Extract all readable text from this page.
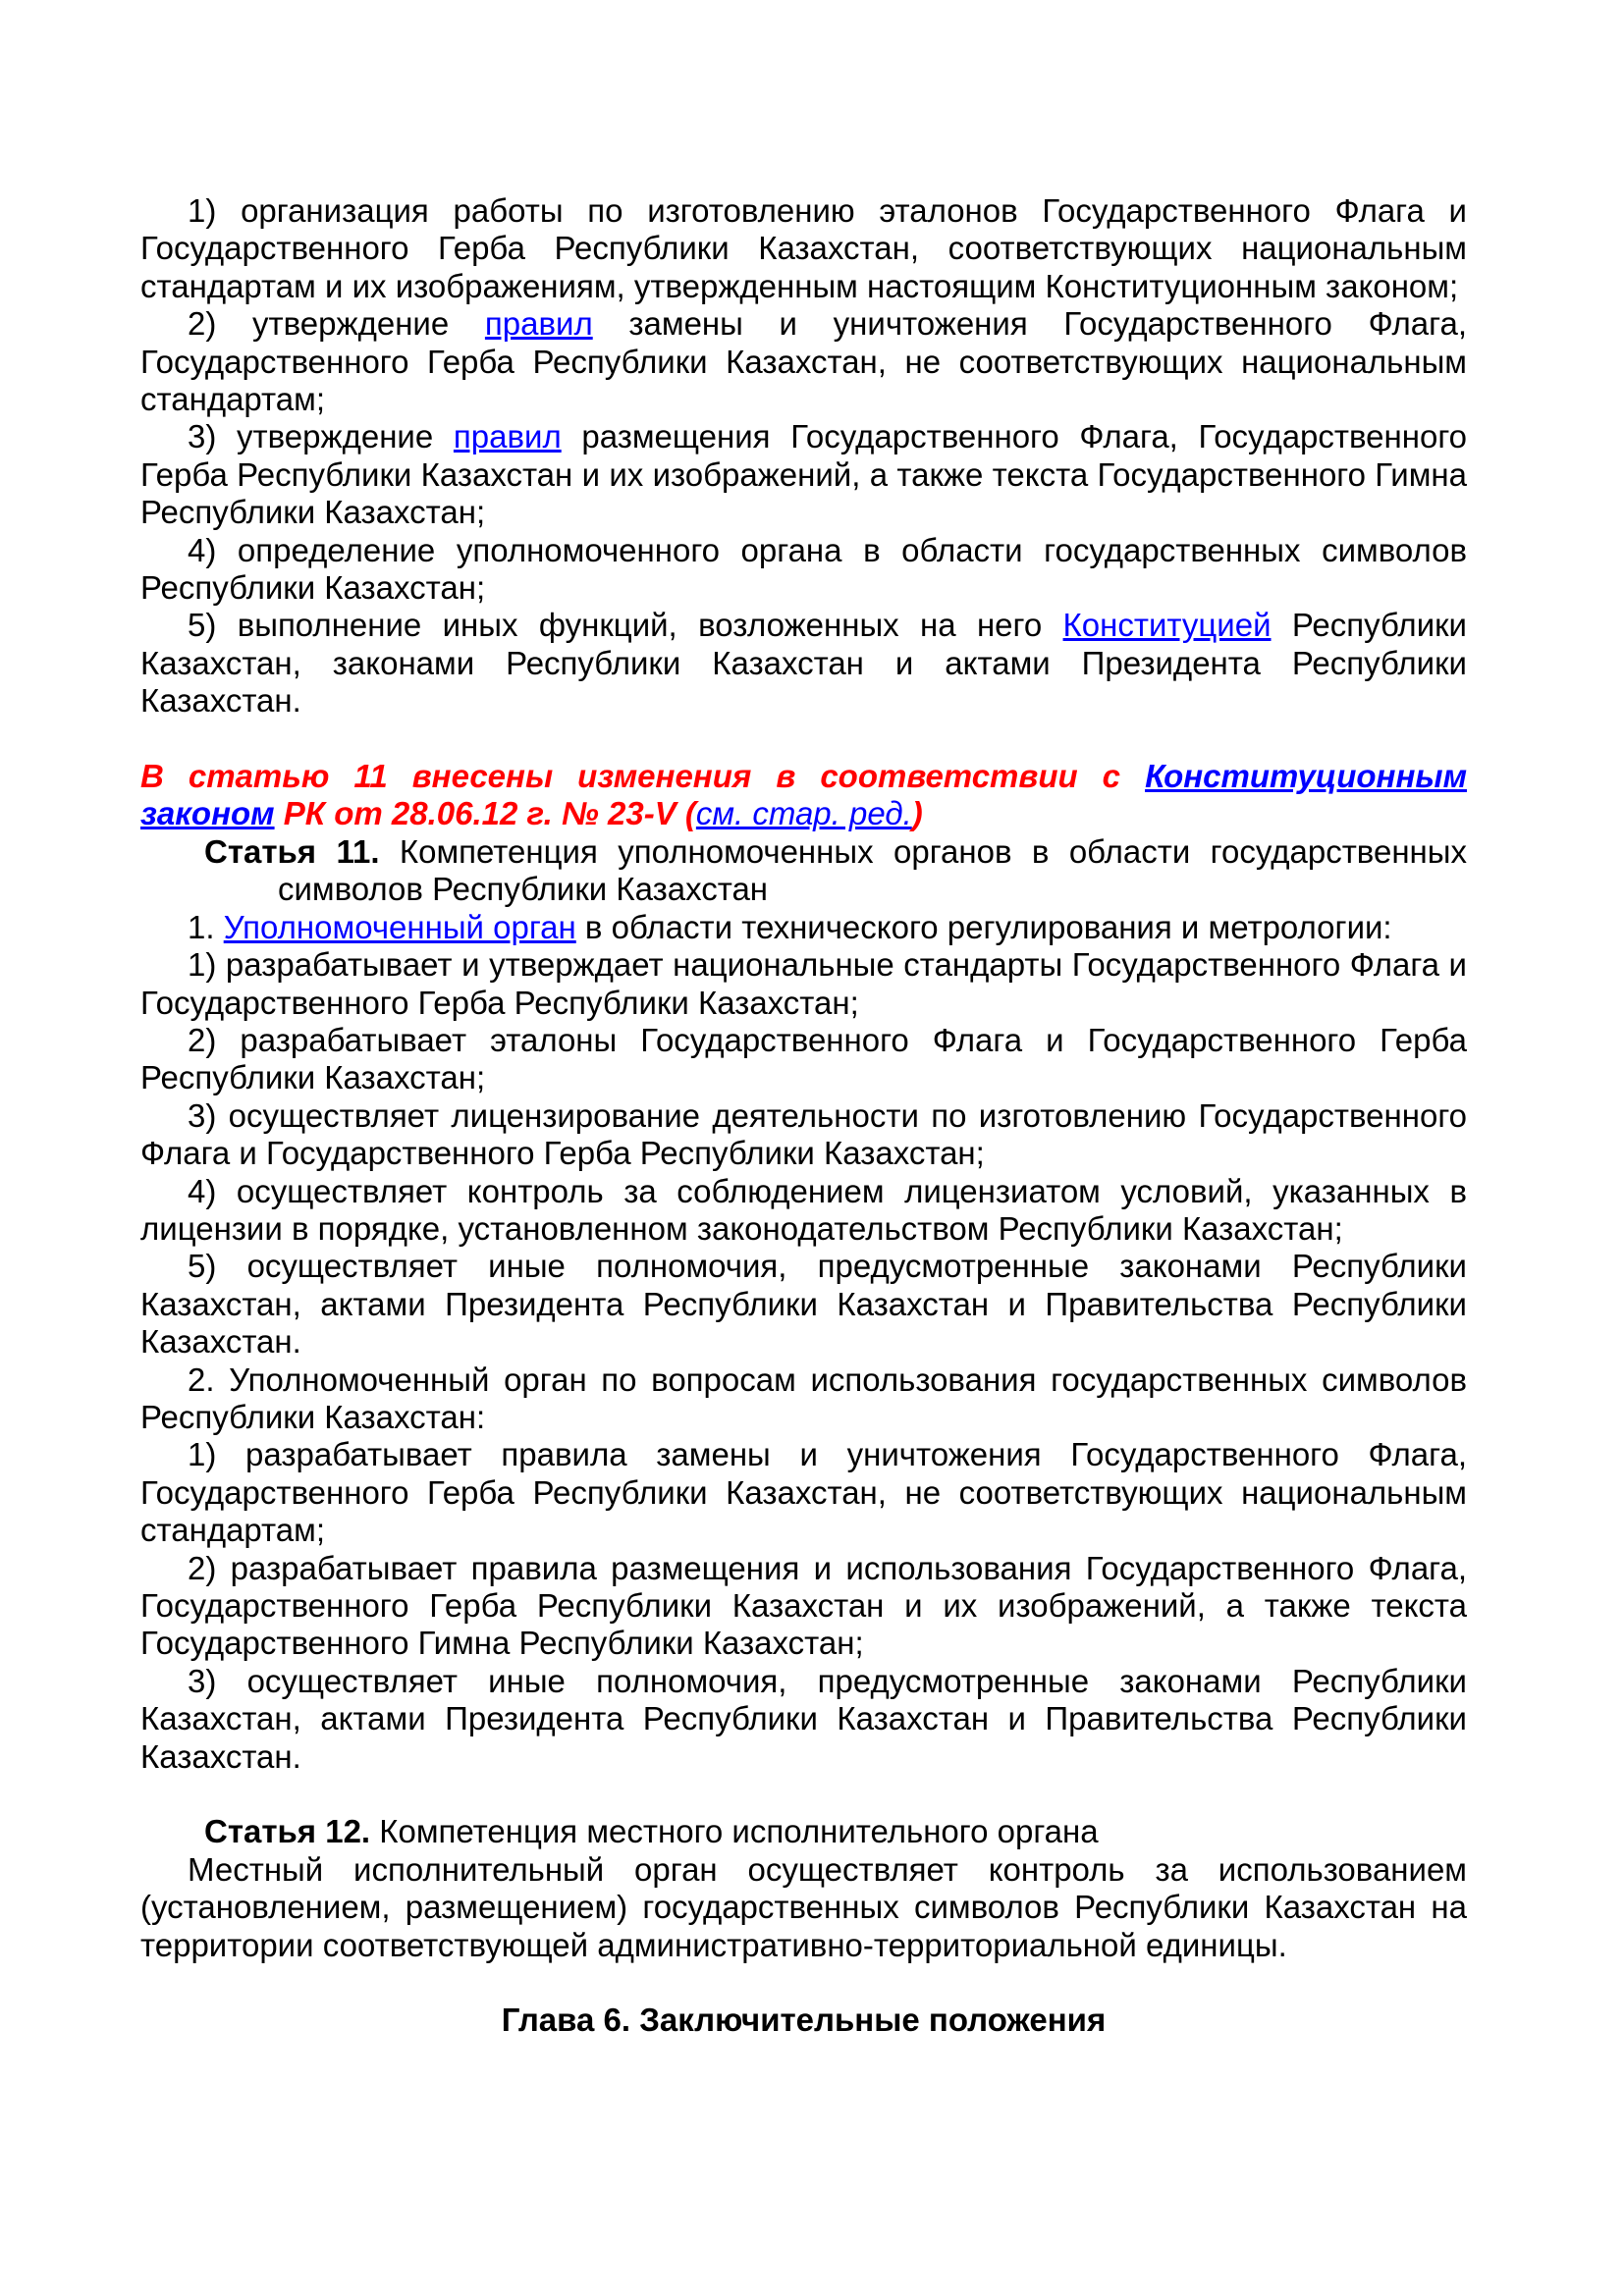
1) организация работы по изготовлению эталонов Государственного Флага и Государственного Герба Республики Казахстан, соответствующих национальным стандартам и их изображениям, утвержденным настоящим Конституционным законом;

2) утверждение правил замены и уничтожения Государственного Флага, Государственного Герба Республики Казахстан, не соответствующих национальным стандартам;

3) утверждение правил размещения Государственного Флага, Государственного Герба Республики Казахстан и их изображений, а также текста Государственного Гимна Республики Казахстан;

4) определение уполномоченного органа в области государственных символов Республики Казахстан;

5) выполнение иных функций, возложенных на него Конституцией Республики Казахстан, законами Республики Казахстан и актами Президента Республики Казахстан.

В статью 11 внесены изменения в соответствии с Конституционным законом РК от 28.06.12 г. № 23-V (см. стар. ред.)

Статья 11. Компетенция уполномоченных органов в области государственных символов Республики Казахстан

1. Уполномоченный орган в области технического регулирования и метрологии:

1) разрабатывает и утверждает национальные стандарты Государственного Флага и Государственного Герба Республики Казахстан;

2) разрабатывает эталоны Государственного Флага и Государственного Герба Республики Казахстан;

3) осуществляет лицензирование деятельности по изготовлению Государственного Флага и Государственного Герба Республики Казахстан;

4) осуществляет контроль за соблюдением лицензиатом условий, указанных в лицензии в порядке, установленном законодательством Республики Казахстан;

5) осуществляет иные полномочия, предусмотренные законами Республики Казахстан, актами Президента Республики Казахстан и Правительства Республики Казахстан.

2. Уполномоченный орган по вопросам использования государственных символов Республики Казахстан:

1) разрабатывает правила замены и уничтожения Государственного Флага, Государственного Герба Республики Казахстан, не соответствующих национальным стандартам;

2) разрабатывает правила размещения и использования Государственного Флага, Государственного Герба Республики Казахстан и их изображений, а также текста Государственного Гимна Республики Казахстан;

3) осуществляет иные полномочия, предусмотренные законами Республики Казахстан, актами Президента Республики Казахстан и Правительства Республики Казахстан.

Статья 12. Компетенция местного исполнительного органа

Местный исполнительный орган осуществляет контроль за использованием (установлением, размещением) государственных символов Республики Казахстан на территории соответствующей административно-территориальной единицы.

Глава 6. Заключительные положения
